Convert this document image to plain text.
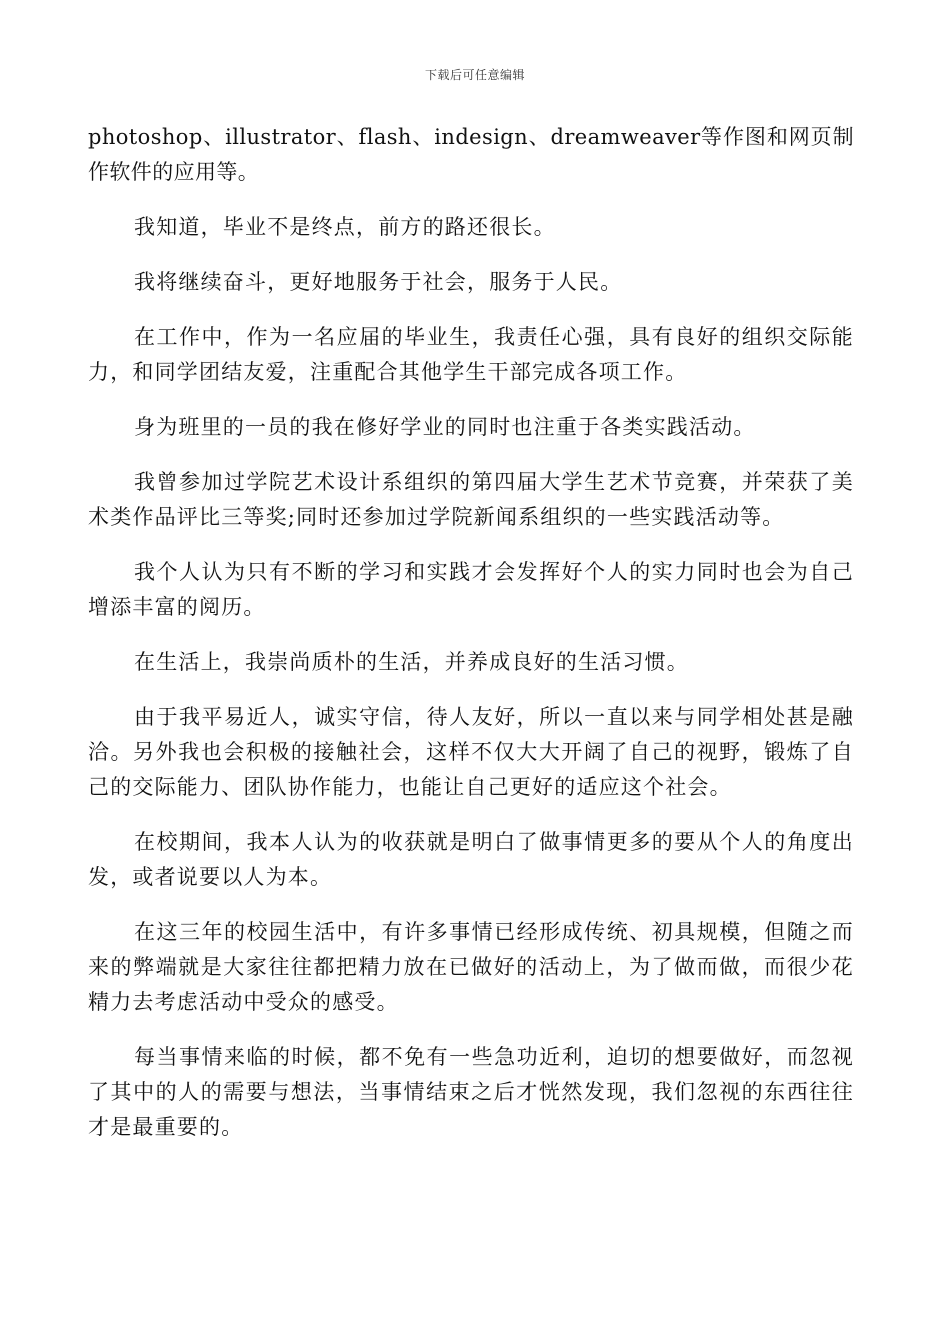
下载后可任意编辑

photoshop、illustrator、flash、indesign、dreamweaver等作图和网页制作软件的应用等。

我知道，毕业不是终点，前方的路还很长。

我将继续奋斗，更好地服务于社会，服务于人民。

在工作中，作为一名应届的毕业生，我责任心强，具有良好的组织交际能力，和同学团结友爱，注重配合其他学生干部完成各项工作。

身为班里的一员的我在修好学业的同时也注重于各类实践活动。

我曾参加过学院艺术设计系组织的第四届大学生艺术节竞赛，并荣获了美术类作品评比三等奖;同时还参加过学院新闻系组织的一些实践活动等。

我个人认为只有不断的学习和实践才会发挥好个人的实力同时也会为自己增添丰富的阅历。

在生活上，我崇尚质朴的生活，并养成良好的生活习惯。

由于我平易近人，诚实守信，待人友好，所以一直以来与同学相处甚是融洽。另外我也会积极的接触社会，这样不仅大大开阔了自己的视野，锻炼了自己的交际能力、团队协作能力，也能让自己更好的适应这个社会。

在校期间，我本人认为的收获就是明白了做事情更多的要从个人的角度出发，或者说要以人为本。

在这三年的校园生活中，有许多事情已经形成传统、初具规模，但随之而来的弊端就是大家往往都把精力放在已做好的活动上，为了做而做，而很少花精力去考虑活动中受众的感受。

每当事情来临的时候，都不免有一些急功近利，迫切的想要做好，而忽视了其中的人的需要与想法，当事情结束之后才恍然发现，我们忽视的东西往往才是最重要的。
